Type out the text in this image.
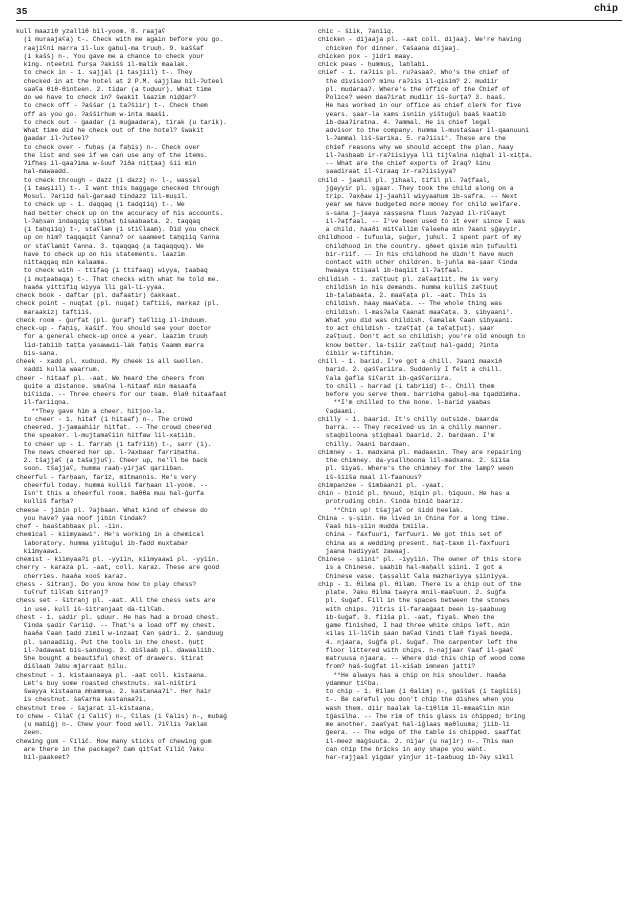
35	chip
kull maaziθ yzalliθ bil-yoom. 8. raajaʕ
(i muraajaʕa) t-. Check with me again before you go.
raajiʕni marra il-lux gabuḷ-ma truuḥ. 9. kaššaf
(i kašš) n-. You gave me a chance to check your
king. nṭeetni furṣa ʔakišš il-malik maalak.
to check in - 1. sajjal (i tasjiil) t-. They
checked in at the hotel at 2 P.M. sajjlaw bil-ʔuteel
saaʕa θiθ-θinteen. 2. tiḍar (a tuḍuur). What time
do we have to check in? šwakit laazim niḍḍar?
to check off - ʔaššar (i taʔšiir) t-. Check them
off as you go. ʔašširhum w-inta maaši.
to check out - ġaadar (i muġaadara), tirak (u tarik).
What time did he check out of the hotel? šwakit
ġaadar il-ʔuteel?
to check over - fuḥaṣ (a faḥiṣ) n-. Check over
the list and see if we can use any of the items.
ʔifḥaṣ il-qaaʔima w-šuuf ʔiða niṭṭaaj šii min
hal-mawaadd.
to check through - dazz (i dazz) n- l-, waṣṣal
(i tawṣiil) t-. I want this baggage checked through
Mosul. ʔariid hal-ġaraaḍ tindazz lil-muṣil.
to check up - 1. daqqaq (i tadqiiq) t-. We
had better check up on the accuracy of his accounts.
l-ʔaḥsan indaqqiq ṣiḥḥat ḥisaabaata. 2. taqqaq
(i taḥqiiq) t-, staʕlam (i stiʕlaam). Did you check
up on him? taqqaqit ʕanna? or saameet taḥqiiq ʕanna
or staʕlamit ʕanna. 3. tqaqqaq (a taqaqquq). We
have to check up on his statements. laazim
nittaqqaq min kalaama.
to check with - ttifaq (i ttifaaq) wiyya, ṭaabaq
(i muṭaabaqa) t-. That checks with what he told me.
haaða yittifiq wiyya lli gal-li-yyaa.
check book - daftar (pl. dafaatir) čakkaat.
check point - nuqṭat (pl. nuqaṭ) taftiiš, markaz (pl.
maraakiz) taftiiš.
check room - ġurfat (pl. ġuraf) taʕliig il-ihduum.
check-up - faḥiṣ, kašif. You should see your doctor
for a general check-up once a year. laazim truuḥ
lid-ṭabiib taṭṭa yasawwii-lak faḥiṣ ʕaamm marra
bis-sana.
cheek - xadd pl. xuduud. My cheek is all swollen.
xaddi kulla waarrum.
cheer - hitaaf pl. -aat. We heard the cheers from
quite a distance. smaʕna l-hitaaf min masaafa
biʕiida. -- Three cheers for our team. θlaθ hitaafaat
il-fariiqna.
**They gave him a cheer. hitjoo-la.
to cheer - 1. hitaf (i hitaaf) n-. The crowd
cheered. j-jamaahiir hitfat. -- The crowd cheered
the speaker. l-mujtamaʕiin hitfaw lil-xaṭiib.
to cheer up - 1. farraḥ (i tafriiḥ) t-, sarr (i).
The news cheered her up. l-ʔaxbaar farriḥatha.
2. tšajjaʕ (a tašajjuʕ). Cheer up, he'll be back
soon. tšajjaʕ, humma raaḥ-yirjaʕ qariiban.
cheerful - farḥaan, fariz, mitmannis. He's very
cheerful today. humma kulliš farḥaan il-yoom. --
Isn't this a cheerful room. baθθa muu hal-ġurfa
kulliš farḥa?
cheese - jibin pl. ʔajbaan. What kind of cheese do
you have? yaa noof jibin ʕindak?
chef - baaštabbaax pl. -iin.
chemical - kiimyaawi°. He's working in a chemical
laboratory. humma yištuġul ib-fadd muxtabar
kiimyaawi.
chemist - kiimyaaʔi pl. -yyiin, kiimyaawi pl. -yyiin.
cherry - karaza pl. -aat, coll. karaz. These are good
cherries. haaða xooš karaz.
chess - šitranj. Do you know how to play chess?
tuʕruf tilʕab šitranj?
chess set - šitranj pl. -aat. All the chess sets are
in use. kull iš-šitranjaat da-tilʕab.
chest - 1. ṣadir pl. ṣduur. He has had a broad chest.
ʕinda ṣadir ʕariiḍ. -- That's a load off my chest.
haaða ʕaan ṭadd zimil w-inzaaṭ ʕan ṣadri. 2. ṣanduug
pl. ṣanaadiig. Put the tools in the chest. ḥuṭṭ
il-ʔadawaat bis-ṣanduug. 3. dišlaab pl. dawaaliib.
She bought a beautiful chest of drawers. štirat
dišlaab ʔabu mjarraat ḥilu.
chestnut - 1. kistaanaaya pl. -aat coll. kistaana.
Let's buy some roasted chestnuts. xal-ništiri
šwayya kistaana mḥammṣa. 2. kastanaaʔi°. Her hair
is chestnut. šaʕarha kastanaaʔi.
chestnut tree - šajarat il-kistaana.
to chew - ʕilaʕ (i ʕaliʕ) n-, ʕilas (i ʕalis) n-, mubaġ
(u mabiġ) n-. Chew your food well. ʔiʕlis ʔaklak
zeen.
chewing gum - ʕilič. How many sticks of chewing gum
are there in the package? čam qiṭʕat ʕilič ʔaku
bil-paakeet?
chic - šiik, ʔaniiq.
chicken - dijaaja pl. -aat coll. dijaaj. We're having
chicken for dinner. ʕašaana dijaaj.
chicken pox - jidri maay.
chick peas - ḥummuṣ, lablabi.
chief - 1. raʔiis pl. ruʔasaaʔ. Who's the chief of
the division? minu raʔiis il-qisim? 2. mudiir
pl. mudaraaʔ. Where's the office of the Chief of
Police? ween daaʔirat mudiir iš-šurṭa? 3. baaš.
He has worked in our office as chief clerk for five
years. ṣaar-la xams isniin yištuġul baaš kaatib
ib-daaʔiratna. 4. ʔammal. He is chief legal
advisor to the company. humma l-mustašaar il-qaanuuni
l-ʔammal liš-šarika. 5. raʔiisi°. These are the
chief reasons why we should accept the plan. haay
il-ʔasbaab ir-raʔiisiyya lli tijʕalna niqbal il-xiṭṭa.
-- What are the chief exports of Iraq? šinu
ṣaadiraat il-ʕiraaq ir-raʔiisiyya?
child - jaahil pl. jihaal, ṭifil pl. ʔaṭfaal,
jġayyir pl. ṣġaar. They took the child along on a
trip. ʔaxðaw ij-jaahil wiyyaahum ib-safra. -- Next
year we have budgeted more money for child welfare.
s-sana j-jaaya xaṣṣaṣna fluus ʔazyad il-riʕaayt
il-ʔaṭfaal. -- I've been used to it ever since I was
a child. haaði mitʕallim ʕaleeha min ʔaani ṣġayyir.
childhood - ṭufuula, ṣuġur, juhul. I spent part of my
childhood in the country. qðeet qisim min ṭufuulti
bir-riif. -- In his childhood he didn't have much
contact with other children. b-juhla ma-ṣaar ʕinda
hwaaya ttiṣaal ib-baqiit il-ʔaṭfaal.
childish - 1. zaʕṭuuṭ pl. zaʕaaṭiiṭ. He is very
childish in his demands. humma kulliš zaʕṭuuṭ
ib-ṭalabaata. 2. maaʕaṭa pl. -aat. This is
childish. haay maaʕaṭa. -- The whole thing was
childish. l-masʔala ʕaanat maaʕaṭa. 3. ṣibyaani°.
What you did was childish. ʕamalak ʕaan ṣibyaani.
to act childish - tzaʕṭaṭ (a taʕaṭṭuṭ). ṣaar
zaʕṭuuṭ. Don't act so childish; you're old enough to
know better. la-tṣiir zaʕṭuuṭ hal-gadd; ʔinta
čibiir w-tiftihim.
chill - 1. barid. I've got a chill. ʔaani maaxið
barid. 2. qašʕariira. Suddenly I felt a chill.
ʕala ġafla šiʕarit ib-qašʕariira.
to chill - barrad (i tabriid) t-. Chill them
before you serve them. barridha gabuḷ-ma tqaddimha.
**I'm chilled to the bone. l-barid yaabas
ʕaḍaami.
chilly - 1. baarid. It's chilly outside. baarda
barra. -- They received us in a chilly manner.
staqbiloona ṣtiqbaal baarid. 2. bardaan. I'm
chilly. ʔaani bardaan.
chimney - 1. madxana pl. madaaxin. They are repairing
the chimney. da-ysallḥoona lil-madxana. 2. šiiša
pl. šiyaš. Where's the chimney for the lamp? ween
iš-šiiša maal il-faanuus?
chimpanzee - šimbaanzi pl. -yaat.
chin - ḥinič pl. ḥnuuč, ḥiqin pl. ḥiquun. He has a
protruding chin. ʕinda ḥinič baariz.
**Chin up! tšajjaʕ or šidd ḥeelak.
China - ṣ-ṣiin. He lived in China for a long time.
ʕaaš bis-ṣiin mudda ṭmiila.
china - faxfuuri, farfuuri. We got this set of
china as a wedding present. haṭ-ṭaxm il-faxfuuri
jaana hadiyyat zawaaj.
Chinese - ṣiini° pl. -iyyiin. The owner of this store
is a Chinese. ṣaaḥib hal-maḥall ṣiini. I got a
Chinese vase. ṭaṣṣalit ʕala mazhariyya ṣiiniyya.
chip - 1. θilma pl. θilam. There is a chip out of the
plate. ʔaku θilma ṭaayra mnil-maaʕuun. 2. šuġfa
pl. šuġaf. Fill in the spaces between the stones
with chips. ʔitris il-faraaġaat been iṣ-ṣaabuug
ib-šuġaf. 3. fiiša pl. -aat, fiyaš. When the
game finished, I had three white chips left. min
xilaṣ il-liʕib ṣaan baʕad ʕindi tlaθ fiyaš beeḍa.
4. njaara, šuġfa pl. šuġaf. The carpenter left the
floor littered with chips. n-najjaar ʕaaf il-gaaʕ
matruusa njaara. -- Where did this chip of wood come
from? haš-šuġfat il-xišab imneen jatti?
**He always has a chip on his shoulder. haaða
ydammur ṭiʕba.
to chip - 1. θilam (i θalim) n-, gaššaš (i tagšiiš)
t-. Be careful you don't chip the dishes when you
wash them. diir baalak la-tiθlim il-mmaaʕiin min
tġasilha. -- The rim of this glass is chipped; bring
me another. zaaʕyat hal-iġlaaṣ maθluuma; jiib-li
ġeera. -- The edge of the table is chipped. ṣaaffat
il-meez maġšuuṭa. 2. nijar (u najir) n-. This man
can chip the bricks in any shape you want.
har-rajjaal yigdar yinjur iṭ-ṭaabuug ib-ʔay sikil
